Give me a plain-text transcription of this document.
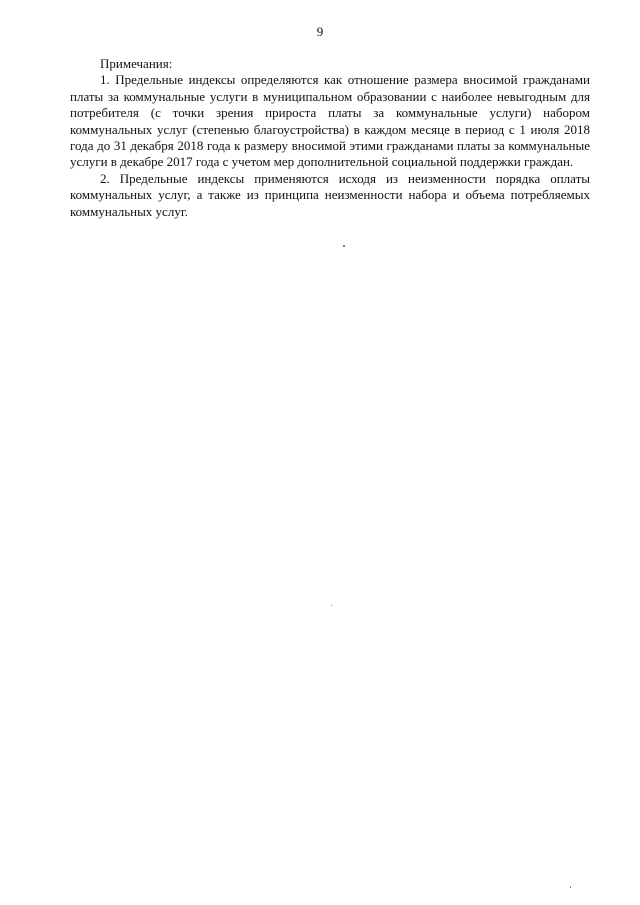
9

Примечания:

1. Предельные индексы определяются как отношение размера вносимой гражданами платы за коммунальные услуги в муниципальном образовании с наиболее невыгодным для потребителя (с точки зрения прироста платы за коммунальные услуги) набором коммунальных услуг (степенью благоустройства) в каждом месяце в период с 1 июля 2018 года до 31 декабря 2018 года к размеру вносимой этими гражданами платы за коммунальные услуги в декабре 2017 года с учетом мер дополнительной социальной поддержки граждан.

2. Предельные индексы применяются исходя из неизменности порядка оплаты коммунальных услуг, а также из принципа неизменности набора и объема потребляемых коммунальных услуг.
